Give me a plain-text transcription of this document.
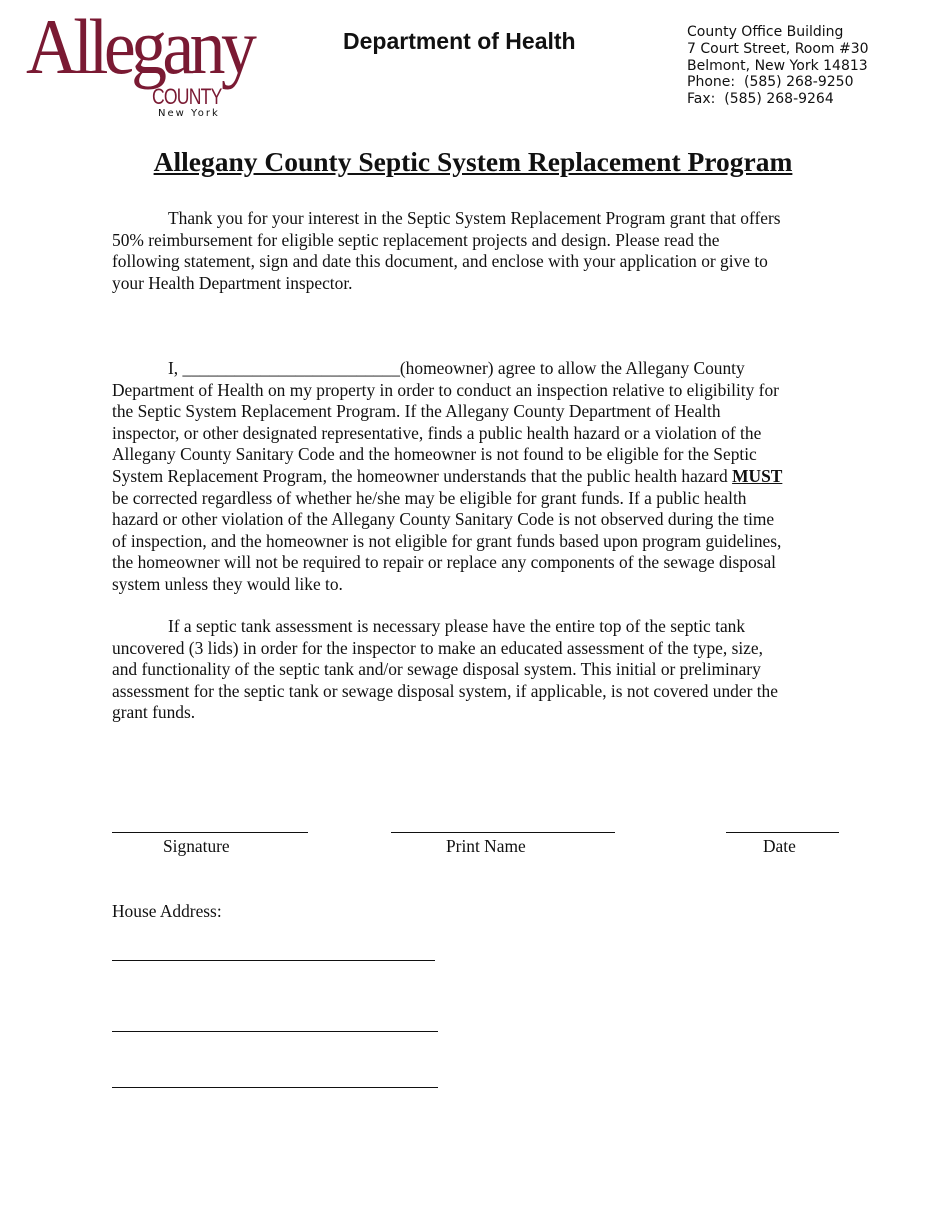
Allegany
COUNTY
New York
Department of Health	County Office Building
7 Court Street, Room #30
Belmont, New York 14813
Phone:  (585) 268-9250
Fax:  (585) 268-9264
Allegany County Septic System Replacement Program
Thank you for your interest in the Septic System Replacement Program grant that offers
50% reimbursement for eligible septic replacement projects and design. Please read the
following statement, sign and date this document, and enclose with your application or give to
your Health Department inspector.
I, _________________________(homeowner) agree to allow the Allegany County
Department of Health on my property in order to conduct an inspection relative to eligibility for
the Septic System Replacement Program. If the Allegany County Department of Health
inspector, or other designated representative, finds a public health hazard or a violation of the
Allegany County Sanitary Code and the homeowner is not found to be eligible for the Septic
System Replacement Program, the homeowner understands that the public health hazard MUST
be corrected regardless of whether he/she may be eligible for grant funds. If a public health
hazard or other violation of the Allegany County Sanitary Code is not observed during the time
of inspection, and the homeowner is not eligible for grant funds based upon program guidelines,
the homeowner will not be required to repair or replace any components of the sewage disposal
system unless they would like to.
If a septic tank assessment is necessary please have the entire top of the septic tank
uncovered (3 lids) in order for the inspector to make an educated assessment of the type, size,
and functionality of the septic tank and/or sewage disposal system. This initial or preliminary
assessment for the septic tank or sewage disposal system, if applicable, is not covered under the
grant funds.
Signature	Print Name	Date
House Address:
